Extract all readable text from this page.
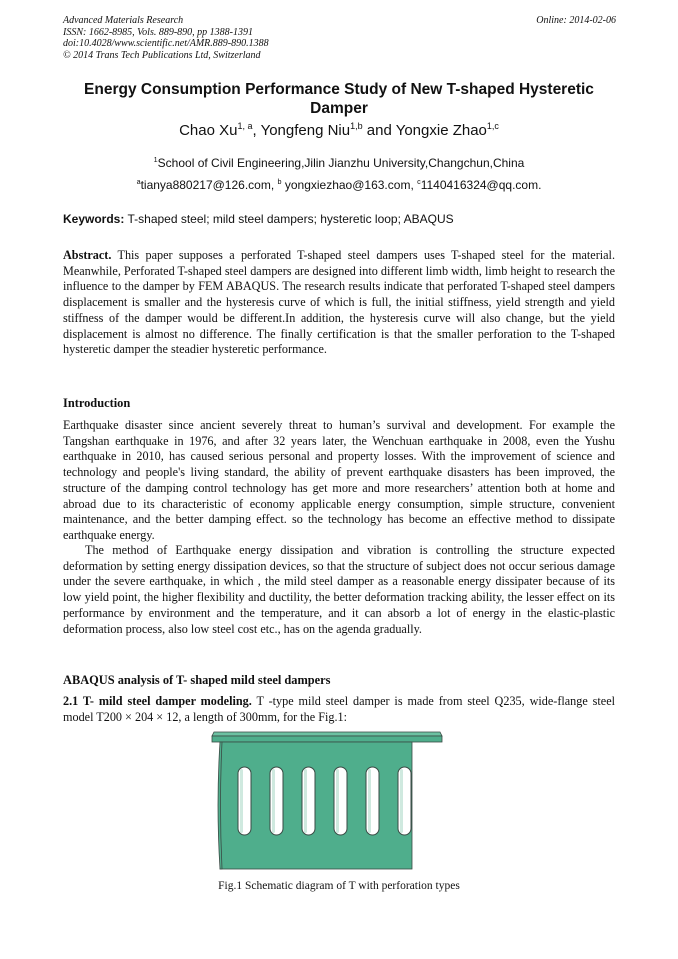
Advanced Materials Research
ISSN: 1662-8985, Vols. 889-890, pp 1388-1391
doi:10.4028/www.scientific.net/AMR.889-890.1388
© 2014 Trans Tech Publications Ltd, Switzerland
Online: 2014-02-06
Energy Consumption Performance Study of New T-shaped Hysteretic Damper
Chao Xu$^{1, a}$, Yongfeng Niu$^{1,b}$ and Yongxie Zhao$^{1,c}$
$^1$School of Civil Engineering,Jilin Jianzhu University,Changchun,China
$^a$tianya880217@126.com, $^b$ yongxiezhao@163.com, $^c$1140416324@qq.com.
Keywords: T-shaped steel; mild steel dampers; hysteretic loop; ABAQUS

Abstract. This paper supposes a perforated T-shaped steel dampers uses T-shaped steel for the material. Meanwhile, Perforated T-shaped steel dampers are designed into different limb width, limb height to research the influence to the damper by FEM ABAQUS. The research results indicate that perforated T-shaped steel dampers displacement is smaller and the hysteresis curve of which is full, the initial stiffness, yield strength and yield stiffness of the damper would be different.In addition, the hysteresis curve will also change, but the yield displacement is almost no difference. The finally certification is that the smaller perforation to the T-shaped hysteretic damper the steadier hysteretic performance.

Introduction

Earthquake disaster since ancient severely threat to human’s survival and development. For example the Tangshan earthquake in 1976, and after 32 years later, the Wenchuan earthquake in 2008, even the Yushu earthquake in 2010, has caused serious personal and property losses. With the improvement of science and technology and people's living standard, the ability of prevent earthquake disasters has been improved, the structure of the damping control technology has get more and more researchers’ attention both at home and abroad due to its characteristic of economy applicable energy consumption, simple structure, convenient maintenance, and the better damping effect. so the technology has become an effective method to dissipate earthquake energy.

The method of Earthquake energy dissipation and vibration is controlling the structure expected deformation by setting energy dissipation devices, so that the structure of subject does not occur serious damage under the severe earthquake, in which , the mild steel damper as a reasonable energy dissipater because of its low yield point, the higher flexibility and ductility, the better deformation tracking ability, the lesser effect on its performance by environment and the temperature, and it can absorb a lot of energy in the elastic-plastic deformation process, also low steel cost etc., has on the agenda gradually.

ABAQUS analysis of T- shaped mild steel dampers

2.1 T- mild steel damper modeling. T -type mild steel damper is made from steel Q235, wide-flange steel model T200 × 204 × 12, a length of 300mm, for the Fig.1:

Fig.1 Schematic diagram of T with perforation types
